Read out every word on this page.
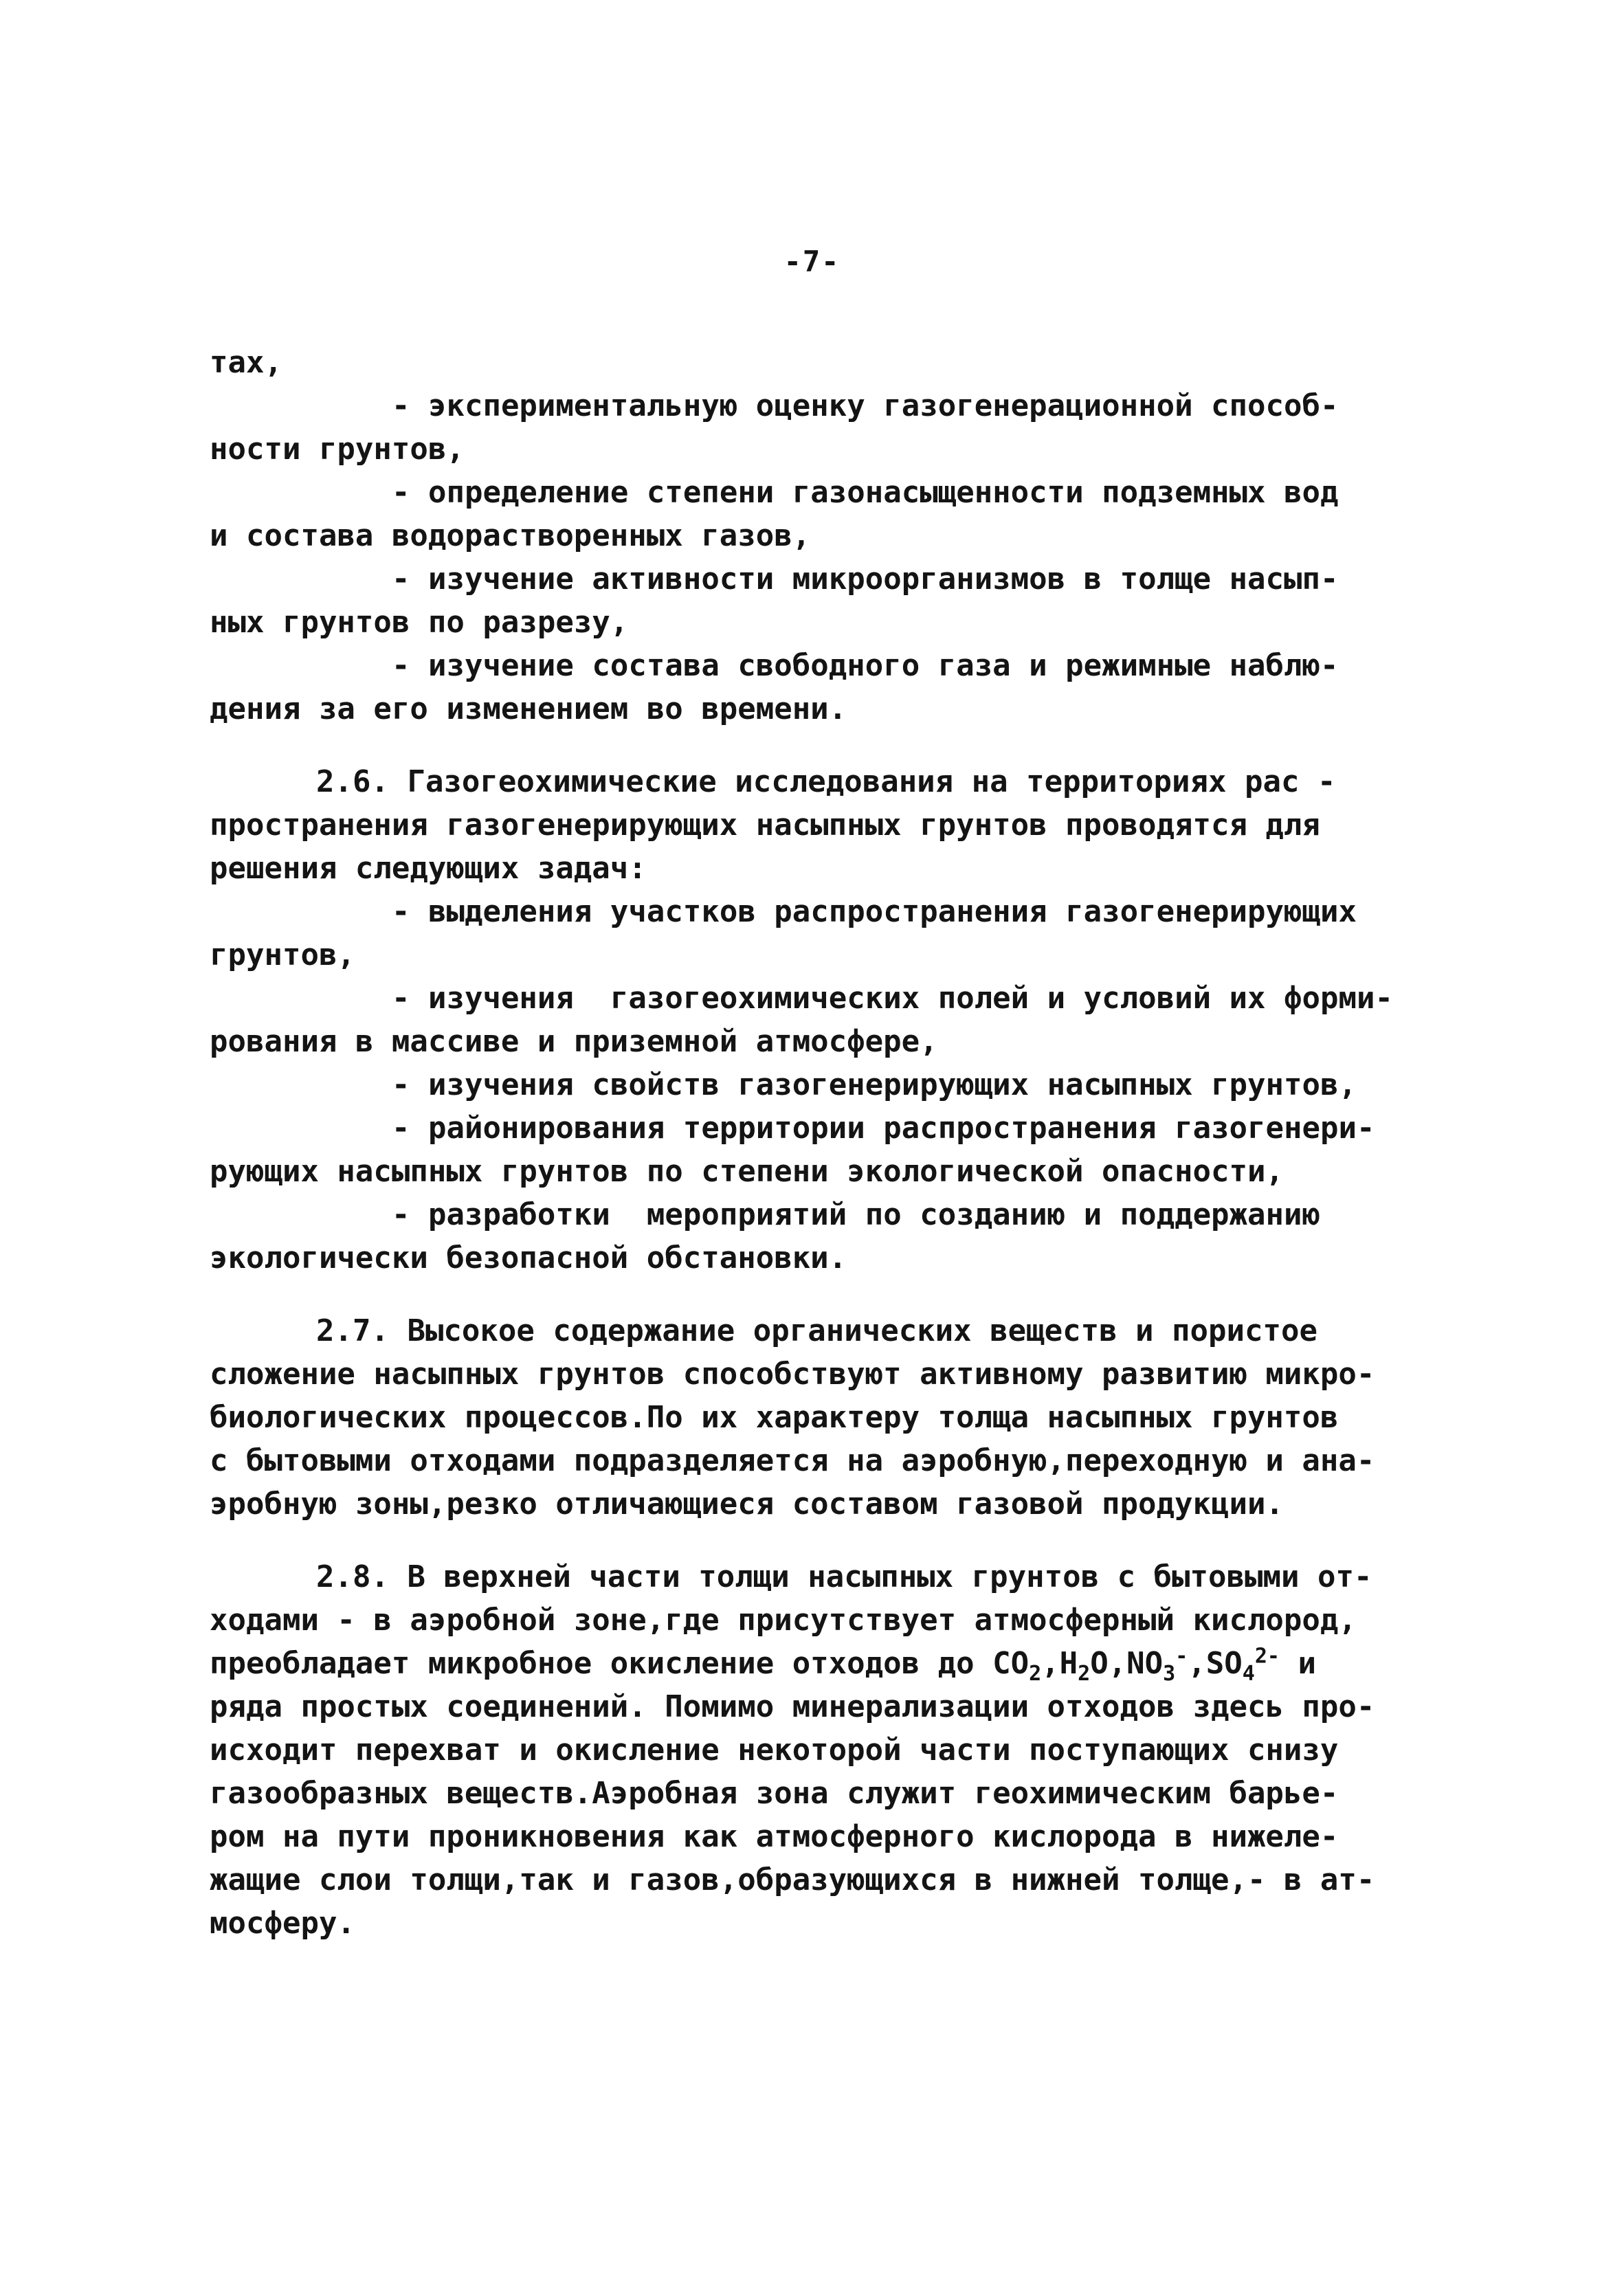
-7-
тах,
- экспериментальную оценку газогенерационной способ-
ности грунтов,
- определение степени газонасыщенности подземных вод
и состава водорастворенных газов,
- изучение активности микроорганизмов в толще насып-
ных грунтов по разрезу,
- изучение состава свободного газа и режимные наблю-
дения за его изменением во времени.
2.6. Газогеохимические исследования на территориях рас -
пространения газогенерирующих насыпных грунтов проводятся для
решения следующих задач:
- выделения участков распространения газогенерирующих
грунтов,
- изучения  газогеохимических полей и условий их форми-
рования в массиве и приземной атмосфере,
- изучения свойств газогенерирующих насыпных грунтов,
- районирования территории распространения газогенери-
рующих насыпных грунтов по степени экологической опасности,
- разработки  мероприятий по созданию и поддержанию
экологически безопасной обстановки.
2.7. Высокое содержание органических веществ и пористое
сложение насыпных грунтов способствуют активному развитию микро-
биологических процессов.По их характеру толща насыпных грунтов
с бытовыми отходами подразделяется на аэробную,переходную и ана-
эробную зоны,резко отличающиеся составом газовой продукции.
2.8. В верхней части толщи насыпных грунтов с бытовыми от-
ходами - в аэробной зоне,где присутствует атмосферный кислород,
преобладает микробное окисление отходов до $CO_2,H_2O,NO_3^-,SO_4^{2-}$ и
ряда простых соединений. Помимо минерализации отходов здесь про-
исходит перехват и окисление некоторой части поступающих снизу
газообразных веществ.Аэробная зона служит геохимическим барье-
ром на пути проникновения как атмосферного кислорода в нижеле-
жащие слои толщи,так и газов,образующихся в нижней толще,- в ат-
мосферу.
